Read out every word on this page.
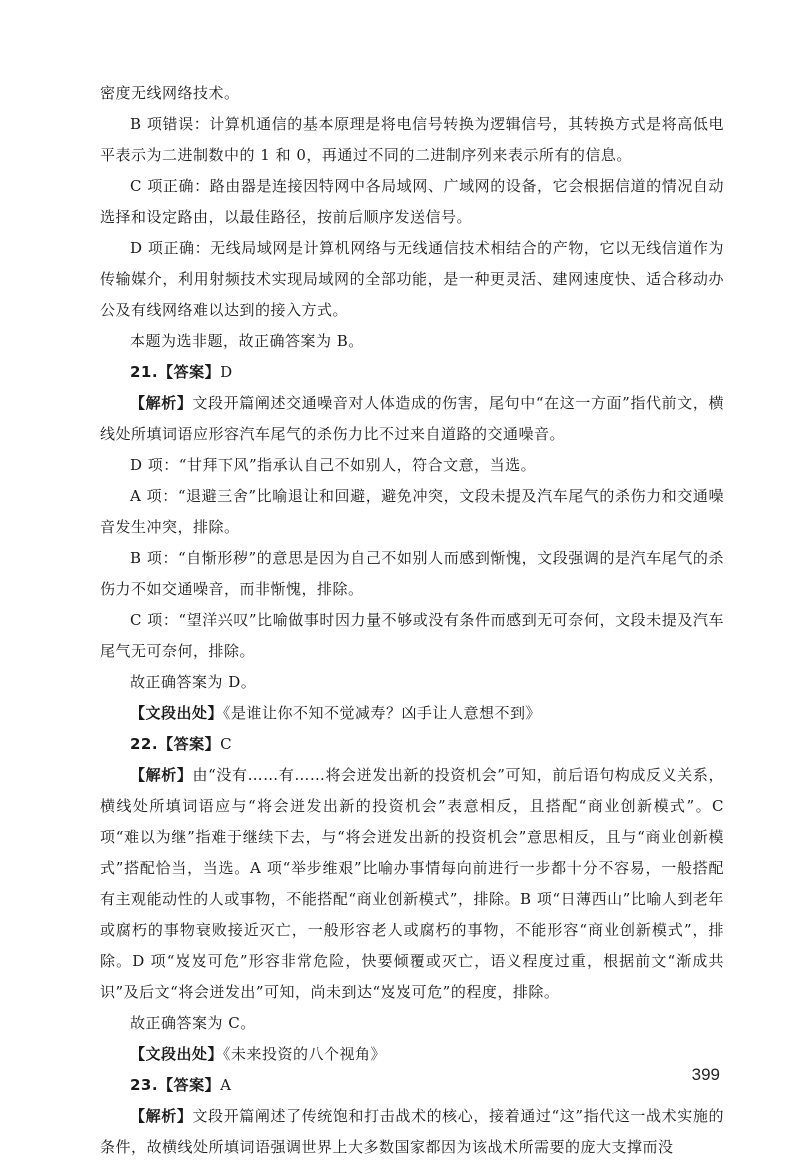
密度无线网络技术。

B 项错误：计算机通信的基本原理是将电信号转换为逻辑信号，其转换方式是将高低电平表示为二进制数中的 1 和 0，再通过不同的二进制序列来表示所有的信息。

C 项正确：路由器是连接因特网中各局域网、广域网的设备，它会根据信道的情况自动选择和设定路由，以最佳路径，按前后顺序发送信号。

D 项正确：无线局域网是计算机网络与无线通信技术相结合的产物，它以无线信道作为传输媒介，利用射频技术实现局域网的全部功能，是一种更灵活、建网速度快、适合移动办公及有线网络难以达到的接入方式。

本题为选非题，故正确答案为 B。

21.【答案】D

【解析】文段开篇阐述交通噪音对人体造成的伤害，尾句中“在这一方面”指代前文，横线处所填词语应形容汽车尾气的杀伤力比不过来自道路的交通噪音。

D 项：“甘拜下风”指承认自己不如别人，符合文意，当选。

A 项：“退避三舍”比喻退让和回避，避免冲突，文段未提及汽车尾气的杀伤力和交通噪音发生冲突，排除。

B 项：“自惭形秽”的意思是因为自己不如别人而感到惭愧，文段强调的是汽车尾气的杀伤力不如交通噪音，而非惭愧，排除。

C 项：“望洋兴叹”比喻做事时因力量不够或没有条件而感到无可奈何，文段未提及汽车尾气无可奈何，排除。

故正确答案为 D。

【文段出处】《是谁让你不知不觉减寿？凶手让人意想不到》

22.【答案】C

【解析】由“没有……有……将会迸发出新的投资机会”可知，前后语句构成反义关系，横线处所填词语应与“将会迸发出新的投资机会”表意相反，且搭配“商业创新模式”。C 项“难以为继”指难于继续下去，与“将会迸发出新的投资机会”意思相反，且与“商业创新模式”搭配恰当，当选。A 项“举步维艰”比喻办事情每向前进行一步都十分不容易，一般搭配有主观能动性的人或事物，不能搭配“商业创新模式”，排除。B 项“日薄西山”比喻人到老年或腐朽的事物衰败接近灭亡，一般形容老人或腐朽的事物，不能形容“商业创新模式”，排除。D 项“岌岌可危”形容非常危险，快要倾覆或灭亡，语义程度过重，根据前文“渐成共识”及后文“将会迸发出”可知，尚未到达“岌岌可危”的程度，排除。

故正确答案为 C。

【文段出处】《未来投资的八个视角》

23.【答案】A

【解析】文段开篇阐述了传统饱和打击战术的核心，接着通过“这”指代这一战术实施的条件，故横线处所填词语强调世界上大多数国家都因为该战术所需要的庞大支撑而没

399
